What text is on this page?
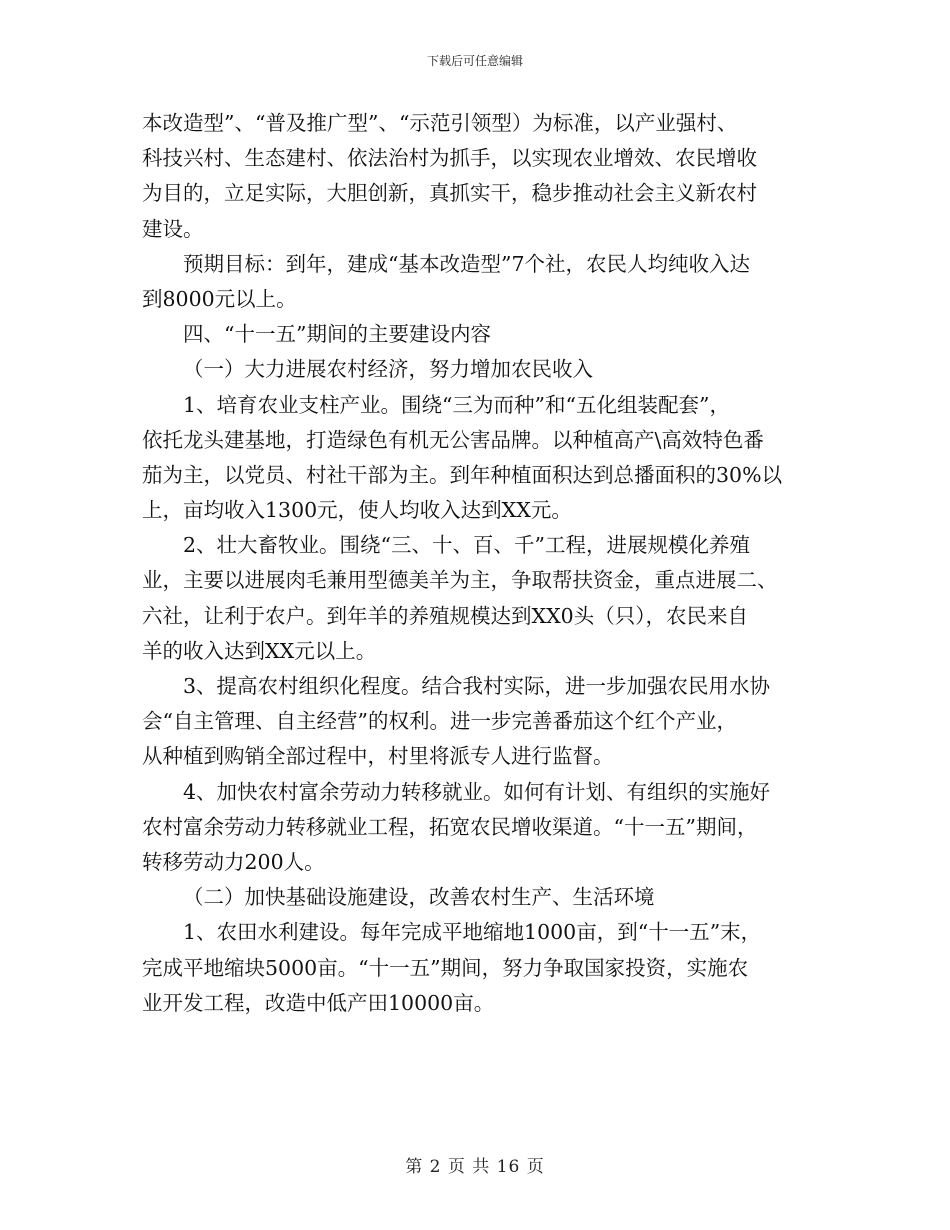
下载后可任意编辑
本改造型”、“普及推广型”、“示范引领型）为标准，以产业强村、
科技兴村、生态建村、依法治村为抓手，以实现农业增效、农民增收
为目的，立足实际，大胆创新，真抓实干，稳步推动社会主义新农村
建设。
预期目标：到年，建成“基本改造型”7个社，农民人均纯收入达
到8000元以上。
四、“十一五”期间的主要建设内容
（一）大力进展农村经济，努力增加农民收入
1、培育农业支柱产业。围绕“三为而种”和“五化组装配套”，
依托龙头建基地，打造绿色有机无公害品牌。以种植高产\高效特色番
茄为主，以党员、村社干部为主。到年种植面积达到总播面积的30%以
上，亩均收入1300元，使人均收入达到XX元。
2、壮大畜牧业。围绕“三、十、百、千”工程，进展规模化养殖
业，主要以进展肉毛兼用型德美羊为主，争取帮扶资金，重点进展二、
六社，让利于农户。到年羊的养殖规模达到XX0头（只），农民来自
羊的收入达到XX元以上。
3、提高农村组织化程度。结合我村实际，进一步加强农民用水协
会“自主管理、自主经营”的权利。进一步完善番茄这个红个产业，
从种植到购销全部过程中，村里将派专人进行监督。
4、加快农村富余劳动力转移就业。如何有计划、有组织的实施好
农村富余劳动力转移就业工程，拓宽农民增收渠道。“十一五”期间，
转移劳动力200人。
（二）加快基础设施建设，改善农村生产、生活环境
1、农田水利建设。每年完成平地缩地1000亩，到“十一五”末，
完成平地缩块5000亩。“十一五”期间，努力争取国家投资，实施农
业开发工程，改造中低产田10000亩。
第 2 页 共 16 页
